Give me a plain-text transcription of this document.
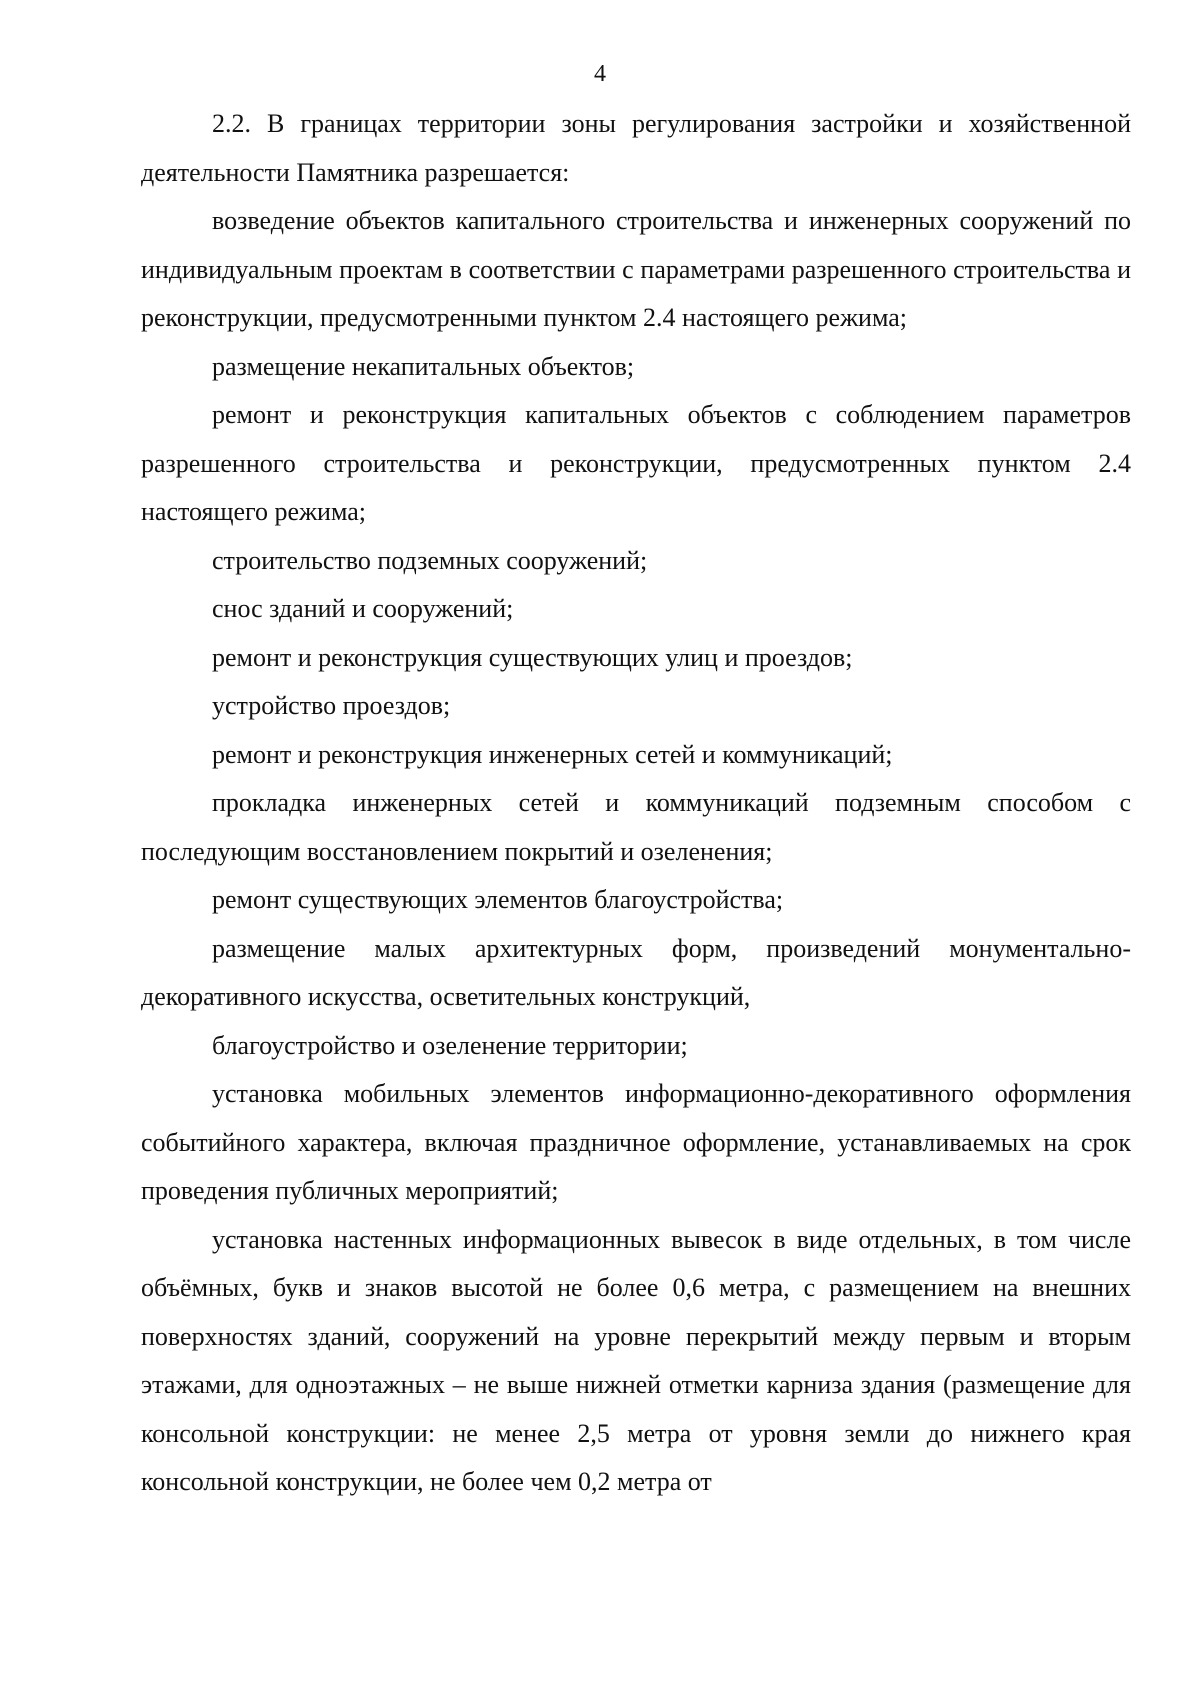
4

2.2. В границах территории зоны регулирования застройки и хозяйственной деятельности Памятника разрешается:

возведение объектов капитального строительства и инженерных сооружений по индивидуальным проектам в соответствии с параметрами разрешенного строительства и реконструкции, предусмотренными пунктом 2.4 настоящего режима;

размещение некапитальных объектов;

ремонт и реконструкция капитальных объектов с соблюдением параметров разрешенного строительства и реконструкции, предусмотренных пунктом 2.4 настоящего режима;

строительство подземных сооружений;

снос зданий и сооружений;

ремонт и реконструкция существующих улиц и проездов;

устройство проездов;

ремонт и реконструкция инженерных сетей и коммуникаций;

прокладка инженерных сетей и коммуникаций подземным способом с последующим восстановлением покрытий и озеленения;

ремонт существующих элементов благоустройства;

размещение малых архитектурных форм, произведений монументально-декоративного искусства, осветительных конструкций,

благоустройство и озеленение территории;

установка мобильных элементов информационно-декоративного оформления событийного характера, включая праздничное оформление, устанавливаемых на срок проведения публичных мероприятий;

установка настенных информационных вывесок в виде отдельных, в том числе объёмных, букв и знаков высотой не более 0,6 метра, с размещением на внешних поверхностях зданий, сооружений на уровне перекрытий между первым и вторым этажами, для одноэтажных – не выше нижней отметки карниза здания (размещение для консольной конструкции: не менее 2,5 метра от уровня земли до нижнего края консольной конструкции, не более чем 0,2 метра от
